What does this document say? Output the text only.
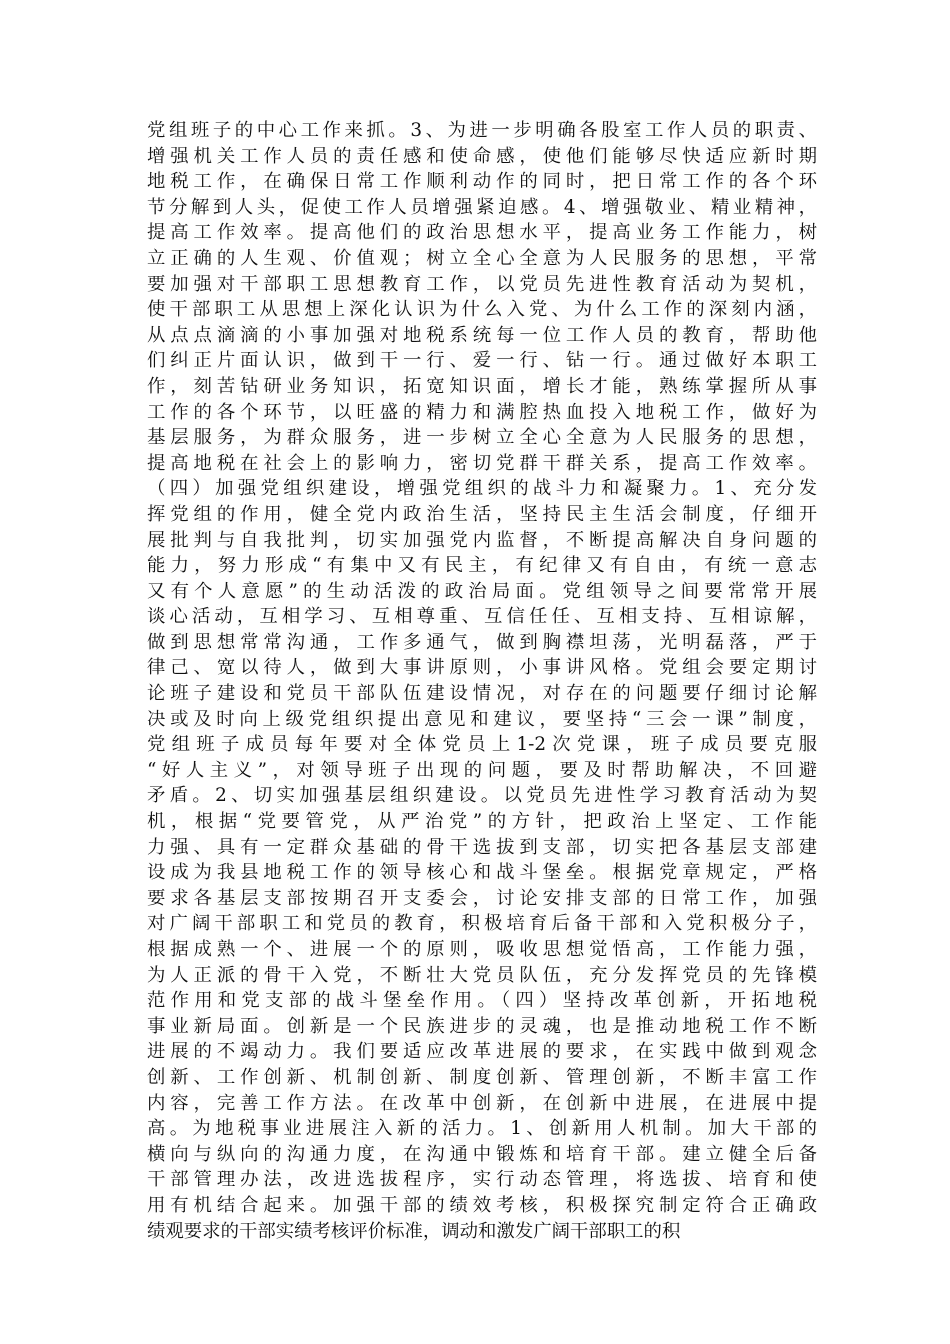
党组班子的中心工作来抓。3、为进一步明确各股室工作人员的职责、
增强机关工作人员的责任感和使命感，使他们能够尽快适应新时期
地税工作，在确保日常工作顺利动作的同时，把日常工作的各个环
节分解到人头，促使工作人员增强紧迫感。4、增强敬业、精业精神，
提高工作效率。提高他们的政治思想水平，提高业务工作能力，树
立正确的人生观、价值观；树立全心全意为人民服务的思想，平常
要加强对干部职工思想教育工作，以党员先进性教育活动为契机，
使干部职工从思想上深化认识为什么入党、为什么工作的深刻内涵，
从点点滴滴的小事加强对地税系统每一位工作人员的教育，帮助他
们纠正片面认识，做到干一行、爱一行、钻一行。通过做好本职工
作，刻苦钻研业务知识，拓宽知识面，增长才能，熟练掌握所从事
工作的各个环节，以旺盛的精力和满腔热血投入地税工作，做好为
基层服务，为群众服务，进一步树立全心全意为人民服务的思想，
提高地税在社会上的影响力，密切党群干群关系，提高工作效率。
（四）加强党组织建设，增强党组织的战斗力和凝聚力。1、充分发
挥党组的作用，健全党内政治生活，坚持民主生活会制度，仔细开
展批判与自我批判，切实加强党内监督，不断提高解决自身问题的
能力，努力形成“有集中又有民主，有纪律又有自由，有统一意志
又有个人意愿”的生动活泼的政治局面。党组领导之间要常常开展
谈心活动，互相学习、互相尊重、互信任任、互相支持、互相谅解，
做到思想常常沟通，工作多通气，做到胸襟坦荡，光明磊落，严于
律己、宽以待人，做到大事讲原则，小事讲风格。党组会要定期讨
论班子建设和党员干部队伍建设情况，对存在的问题要仔细讨论解
决或及时向上级党组织提出意见和建议，要坚持“三会一课”制度，
党组班子成员每年要对全体党员上1-2次党课，班子成员要克服
“好人主义”，对领导班子出现的问题，要及时帮助解决，不回避
矛盾。2、切实加强基层组织建设。以党员先进性学习教育活动为契
机，根据“党要管党，从严治党”的方针，把政治上坚定、工作能
力强、具有一定群众基础的骨干选拔到支部，切实把各基层支部建
设成为我县地税工作的领导核心和战斗堡垒。根据党章规定，严格
要求各基层支部按期召开支委会，讨论安排支部的日常工作，加强
对广阔干部职工和党员的教育，积极培育后备干部和入党积极分子，
根据成熟一个、进展一个的原则，吸收思想觉悟高，工作能力强，
为人正派的骨干入党，不断壮大党员队伍，充分发挥党员的先锋模
范作用和党支部的战斗堡垒作用。（四）坚持改革创新，开拓地税
事业新局面。创新是一个民族进步的灵魂，也是推动地税工作不断
进展的不竭动力。我们要适应改革进展的要求，在实践中做到观念
创新、工作创新、机制创新、制度创新、管理创新，不断丰富工作
内容，完善工作方法。在改革中创新，在创新中进展，在进展中提
高。为地税事业进展注入新的活力。1、创新用人机制。加大干部的
横向与纵向的沟通力度，在沟通中锻炼和培育干部。建立健全后备
干部管理办法，改进选拔程序，实行动态管理，将选拔、培育和使
用有机结合起来。加强干部的绩效考核，积极探究制定符合正确政
绩观要求的干部实绩考核评价标准，调动和激发广阔干部职工的积
